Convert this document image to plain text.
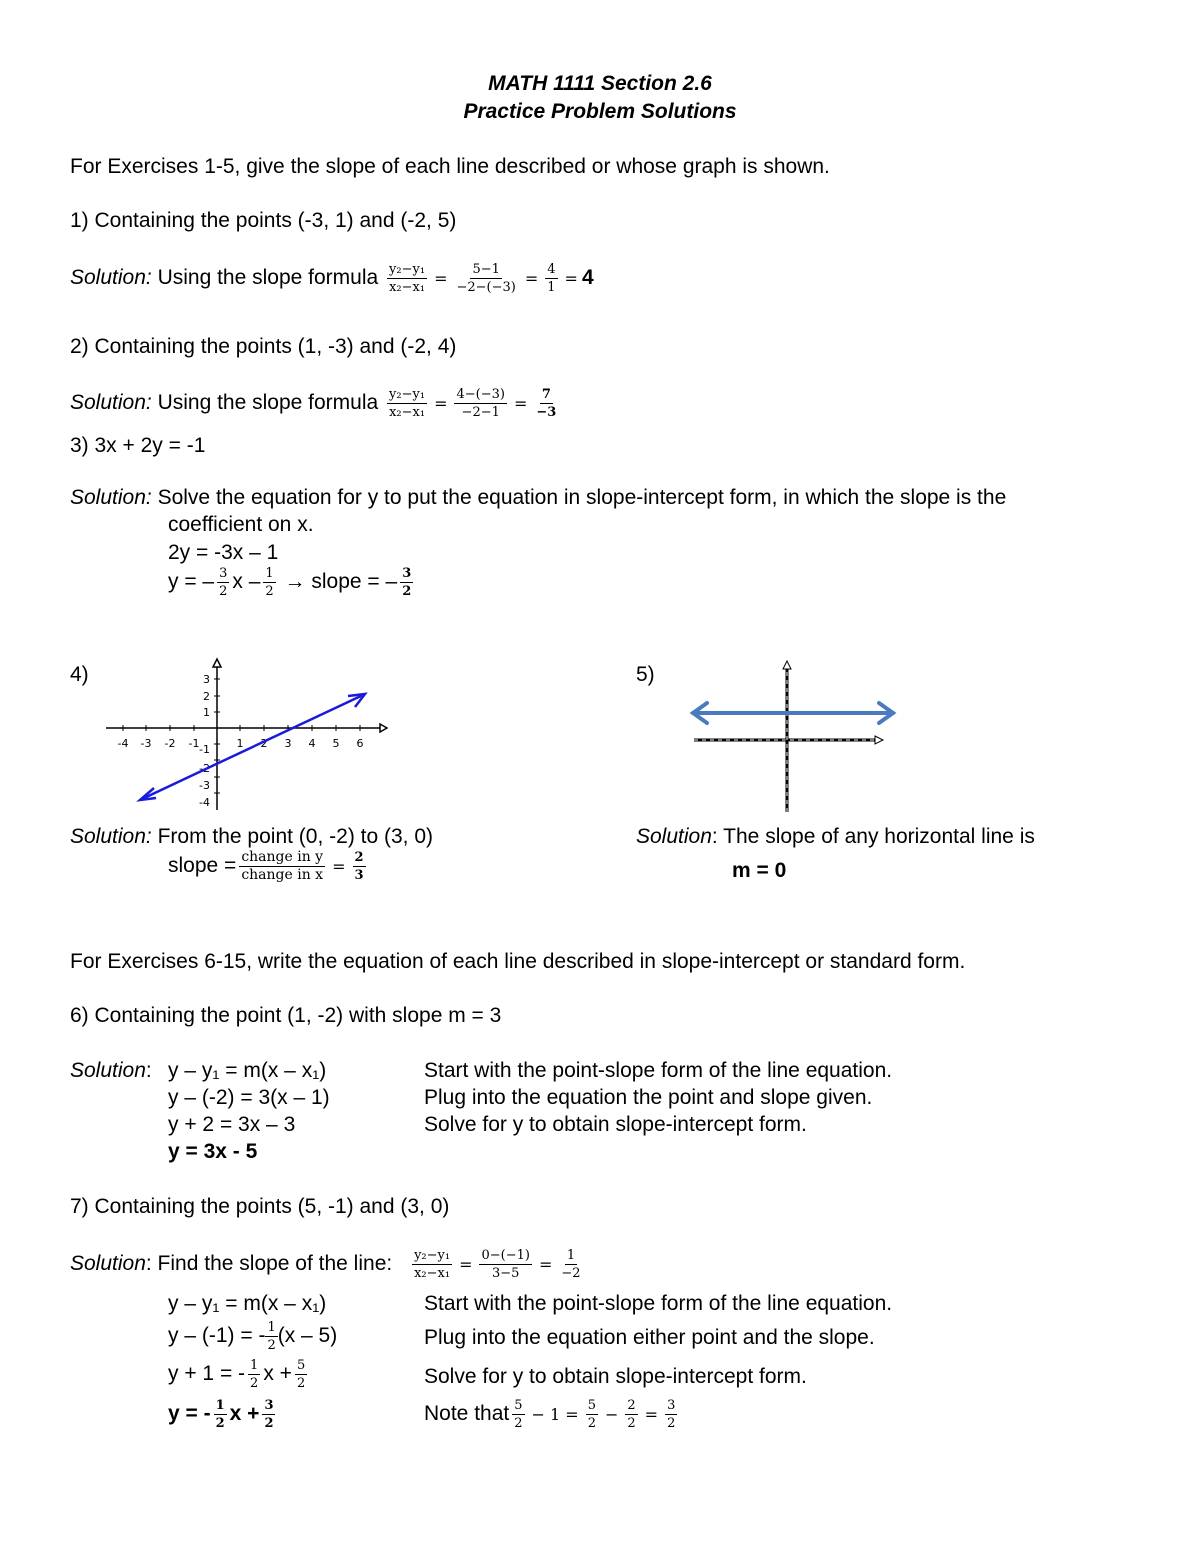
MATH 1111 Section 2.6
Practice Problem Solutions
For Exercises 1-5, give the slope of each line described or whose graph is shown.
1) Containing the points (-3, 1) and (-2, 5)
Solution: Using the slope formula $\frac{\text{y₂−y₁}}{\text{x₂−x₁}} = \frac{5-1}{-2-(-3)} = \frac{4}{1} = 4$
2) Containing the points (1, -3) and (-2, 4)
Solution: Using the slope formula $\frac{\text{y₂−y₁}}{\text{x₂−x₁}} = \frac{4-(-3)}{-2-1} = \frac{7}{-3}$
3) 3x + 2y = -1
Solution: Solve the equation for y to put the equation in slope-intercept form, in which the slope is the
coefficient on x.
2y = -3x – 1
y = – $\frac{3}{2}$ x – $\frac{1}{2}$ → slope = – $\frac{3}{2}$
4)
-4 -3 -2 -1	1 2 3 4 5 6
3
2
1
-1
-2
-3
-4
Solution: From the point (0, -2) to (3, 0)
slope = $\frac{\text{change in y}}{\text{change in x}} = \frac{2}{3}$
5)
Solution: The slope of any horizontal line is
m = 0
For Exercises 6-15, write the equation of each line described in slope-intercept or standard form.
6) Containing the point (1, -2) with slope m = 3
Solution: y – y₁ = m(x – x₁)	Start with the point-slope form of the line equation.
y – (-2) = 3(x – 1)	Plug into the equation the point and slope given.
y + 2 = 3x – 3	Solve for y to obtain slope-intercept form.
y = 3x - 5
7) Containing the points (5, -1) and (3, 0)
Solution: Find the slope of the line: $\frac{\text{y₂−y₁}}{\text{x₂−x₁}} = \frac{0-(-1)}{3-5} = \frac{1}{-2}$
y – y₁ = m(x – x₁)	Start with the point-slope form of the line equation.
y – (-1) = - $\frac{1}{2} (x - 5)$	Plug into the equation either point and the slope.
y + 1 = - $\frac{1}{2}$ $x + \frac{5}{2}$	Solve for y to obtain slope-intercept form.
y = - $\frac{1}{2}$ $x + \frac{3}{2}$	Note that $\frac{5}{2} - 1 = \frac{5}{2} - \frac{2}{2} = \frac{3}{2}$
